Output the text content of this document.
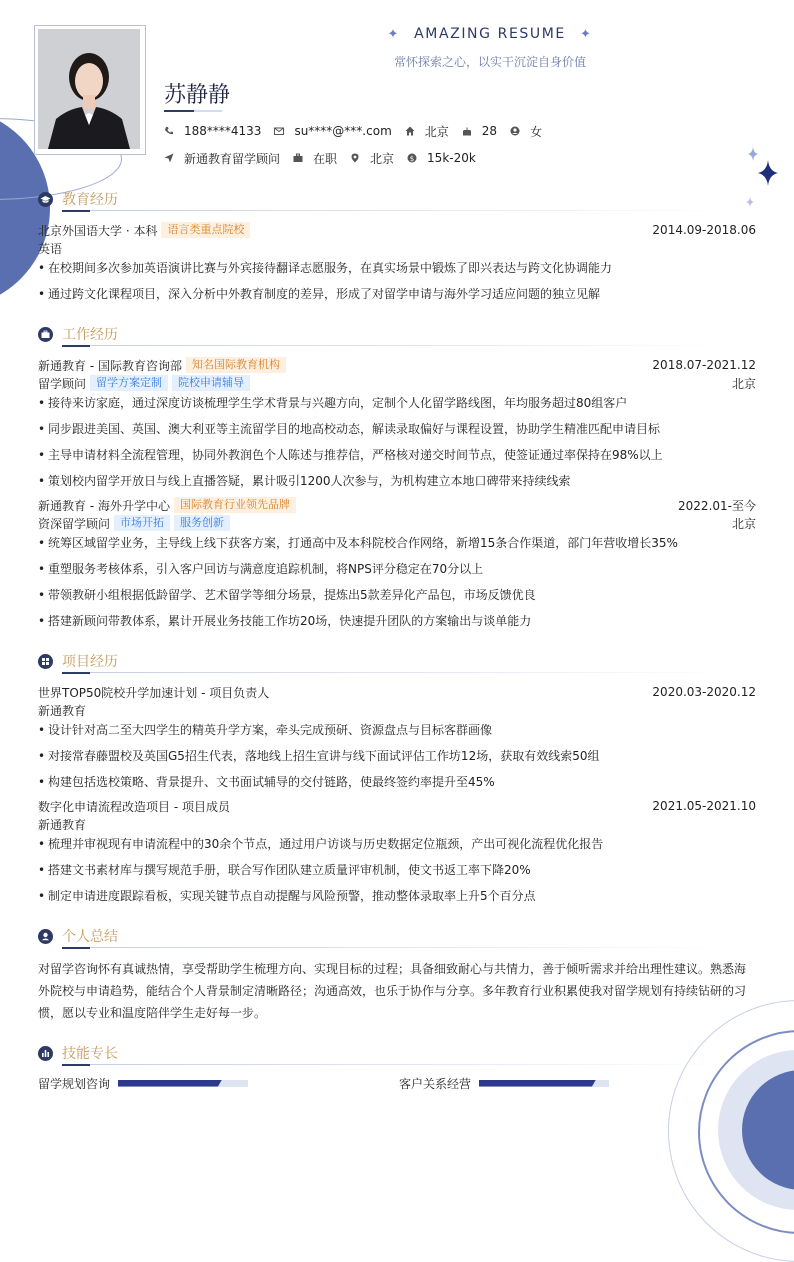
✦ AMAZING RESUME ✦
常怀探索之心，以实干沉淀自身价值
苏静静
188****4133	su****@***.com	北京	28	女
新通教育留学顾问	在职	北京 $ 15k-20k
教育经历
北京外国语大学 · 本科 语言类重点院校	2014.09-2018.06
英语
• 在校期间多次参加英语演讲比赛与外宾接待翻译志愿服务，在真实场景中锻炼了即兴表达与跨文化协调能力
• 通过跨文化课程项目，深入分析中外教育制度的差异，形成了对留学申请与海外学习适应问题的独立见解
工作经历
新通教育 - 国际教育咨询部 知名国际教育机构	2018.07-2021.12
留学顾问 留学方案定制	院校申请辅导	北京
• 接待来访家庭，通过深度访谈梳理学生学术背景与兴趣方向，定制个人化留学路线图，年均服务超过80组客户
• 同步跟进美国、英国、澳大利亚等主流留学目的地高校动态，解读录取偏好与课程设置，协助学生精准匹配申请目标
• 主导申请材料全流程管理，协同外教润色个人陈述与推荐信，严格核对递交时间节点，使签证通过率保持在98%以上
• 策划校内留学开放日与线上直播答疑，累计吸引1200人次参与，为机构建立本地口碑带来持续线索
新通教育 - 海外升学中心 国际教育行业领先品牌	2022.01-至今
资深留学顾问 市场开拓	服务创新	北京
• 统筹区域留学业务，主导线上线下获客方案，打通高中及本科院校合作网络，新增15条合作渠道，部门年营收增长35%
• 重塑服务考核体系，引入客户回访与满意度追踪机制，将NPS评分稳定在70分以上
• 带领教研小组根据低龄留学、艺术留学等细分场景，提炼出5款差异化产品包，市场反馈优良
• 搭建新顾问带教体系，累计开展业务技能工作坊20场，快速提升团队的方案输出与谈单能力
项目经历
世界TOP50院校升学加速计划 - 项目负责人	2020.03-2020.12
新通教育
• 设计针对高二至大四学生的精英升学方案，牵头完成预研、资源盘点与目标客群画像
• 对接常春藤盟校及英国G5招生代表，落地线上招生宣讲与线下面试评估工作坊12场，获取有效线索50组
• 构建包括选校策略、背景提升、文书面试辅导的交付链路，使最终签约率提升至45%
数字化申请流程改造项目 - 项目成员	2021.05-2021.10
新通教育
• 梳理并审视现有申请流程中的30余个节点，通过用户访谈与历史数据定位瓶颈，产出可视化流程优化报告
• 搭建文书素材库与撰写规范手册，联合写作团队建立质量评审机制，使文书返工率下降20%
• 制定申请进度跟踪看板，实现关键节点自动提醒与风险预警，推动整体录取率上升5个百分点
个人总结
对留学咨询怀有真诚热情，享受帮助学生梳理方向、实现目标的过程；具备细致耐心与共情力，善于倾听需求并给出理性建议。熟悉海外院校与申请趋势，能结合个人背景制定清晰路径；沟通高效，也乐于协作与分享。多年教育行业积累使我对留学规划有持续钻研的习惯，愿以专业和温度陪伴学生走好每一步。
技能专长
留学规划咨询	客户关系经营
